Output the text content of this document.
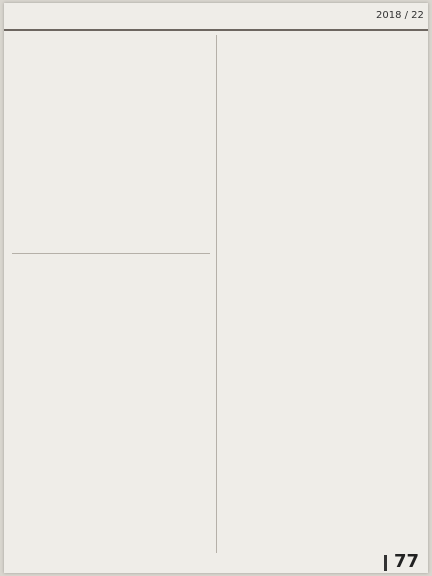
2018 / 22

77
